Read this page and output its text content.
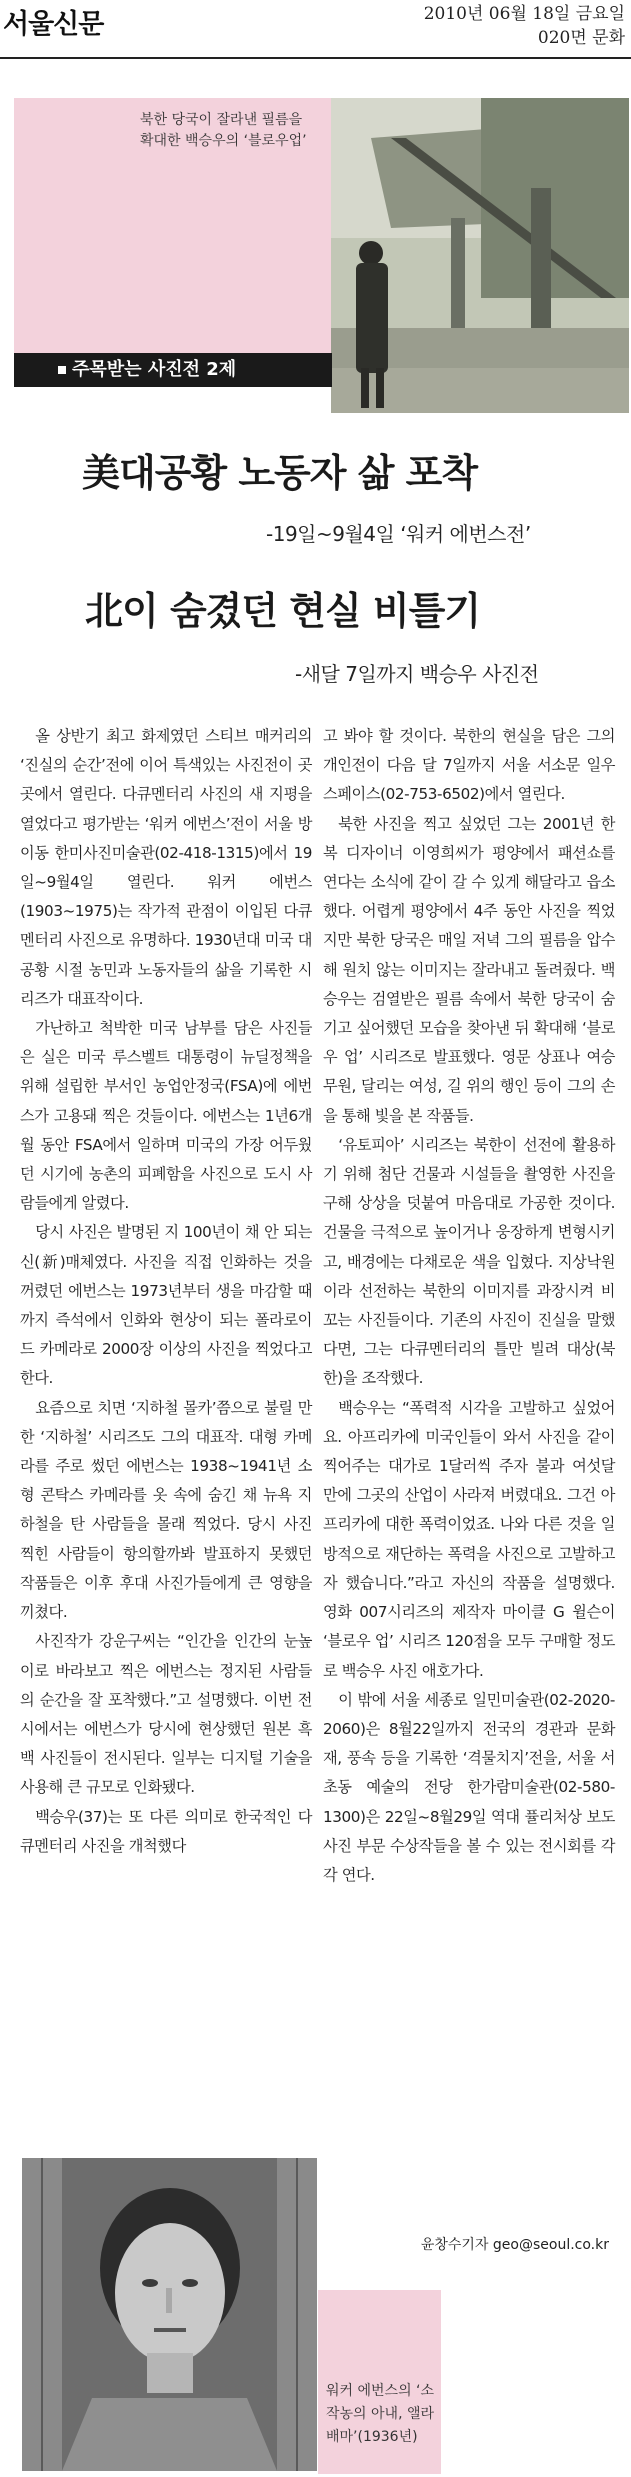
서울신문	2010년 06월 18일 금요일
020면 문화
북한 당국이 잘라낸 필름을 확대한 백승우의 ‘블로우업’
주목받는 사진전 2제
美대공황 노동자 삶 포착
-19일~9월4일 ‘워커 에번스전’
北이 숨겼던 현실 비틀기
-새달 7일까지 백승우 사진전

올 상반기 최고 화제였던 스티브 매커리의 ‘진실의 순간’전에 이어 특색있는 사진전이 곳곳에서 열린다. 다큐멘터리 사진의 새 지평을 열었다고 평가받는 ‘워커 에번스’전이 서울 방이동 한미사진미술관(02-418-1315)에서 19일~9월4일 열린다. 워커 에번스(1903~1975)는 작가적 관점이 이입된 다큐멘터리 사진으로 유명하다. 1930년대 미국 대공황 시절 농민과 노동자들의 삶을 기록한 시리즈가 대표작이다.

가난하고 척박한 미국 남부를 담은 사진들은 실은 미국 루스벨트 대통령이 뉴딜정책을 위해 설립한 부서인 농업안정국(FSA)에 에번스가 고용돼 찍은 것들이다. 에번스는 1년6개월 동안 FSA에서 일하며 미국의 가장 어두웠던 시기에 농촌의 피폐함을 사진으로 도시 사람들에게 알렸다.

당시 사진은 발명된 지 100년이 채 안 되는 신(新)매체였다. 사진을 직접 인화하는 것을 꺼렸던 에번스는 1973년부터 생을 마감할 때까지 즉석에서 인화와 현상이 되는 폴라로이드 카메라로 2000장 이상의 사진을 찍었다고 한다.

요즘으로 치면 ‘지하철 몰카’쯤으로 불릴 만한 ‘지하철’ 시리즈도 그의 대표작. 대형 카메라를 주로 썼던 에번스는 1938~1941년 소형 콘탁스 카메라를 옷 속에 숨긴 채 뉴욕 지하철을 탄 사람들을 몰래 찍었다. 당시 사진 찍힌 사람들이 항의할까봐 발표하지 못했던 작품들은 이후 후대 사진가들에게 큰 영향을 끼쳤다.

사진작가 강운구씨는 “인간을 인간의 눈높이로 바라보고 찍은 에번스는 정지된 사람들의 순간을 잘 포착했다.”고 설명했다. 이번 전시에서는 에번스가 당시에 현상했던 원본 흑백 사진들이 전시된다. 일부는 디지털 기술을 사용해 큰 규모로 인화됐다.

백승우(37)는 또 다른 의미로 한국적인 다큐멘터리 사진을 개척했다

고 봐야 할 것이다. 북한의 현실을 담은 그의 개인전이 다음 달 7일까지 서울 서소문 일우스페이스(02-753-6502)에서 열린다.

북한 사진을 찍고 싶었던 그는 2001년 한복 디자이너 이영희씨가 평양에서 패션쇼를 연다는 소식에 같이 갈 수 있게 해달라고 읍소했다. 어렵게 평양에서 4주 동안 사진을 찍었지만 북한 당국은 매일 저녁 그의 필름을 압수해 원치 않는 이미지는 잘라내고 돌려줬다. 백승우는 검열받은 필름 속에서 북한 당국이 숨기고 싶어했던 모습을 찾아낸 뒤 확대해 ‘블로우 업’ 시리즈로 발표했다. 영문 상표나 여승무원, 달리는 여성, 길 위의 행인 등이 그의 손을 통해 빛을 본 작품들.

‘유토피아’ 시리즈는 북한이 선전에 활용하기 위해 첨단 건물과 시설들을 촬영한 사진을 구해 상상을 덧붙여 마음대로 가공한 것이다. 건물을 극적으로 높이거나 웅장하게 변형시키고, 배경에는 다채로운 색을 입혔다. 지상낙원이라 선전하는 북한의 이미지를 과장시켜 비꼬는 사진들이다. 기존의 사진이 진실을 말했다면, 그는 다큐멘터리의 틀만 빌려 대상(북한)을 조작했다.

백승우는 “폭력적 시각을 고발하고 싶었어요. 아프리카에 미국인들이 와서 사진을 같이 찍어주는 대가로 1달러씩 주자 불과 여섯달 만에 그곳의 산업이 사라져 버렸대요. 그건 아프리카에 대한 폭력이었죠. 나와 다른 것을 일방적으로 재단하는 폭력을 사진으로 고발하고자 했습니다.”라고 자신의 작품을 설명했다. 영화 007시리즈의 제작자 마이클 G 윌슨이 ‘블로우 업’ 시리즈 120점을 모두 구매할 정도로 백승우 사진 애호가다.

이 밖에 서울 세종로 일민미술관(02-2020-2060)은 8월22일까지 전국의 경관과 문화재, 풍속 등을 기록한 ‘격물치지’전을, 서울 서초동 예술의 전당 한가람미술관(02-580-1300)은 22일~8월29일 역대 퓰리처상 보도사진 부문 수상작들을 볼 수 있는 전시회를 각각 연다.

윤창수기자 geo@seoul.co.kr
워커 에번스의 ‘소작농의 아내, 앨라배마’(1936년)
